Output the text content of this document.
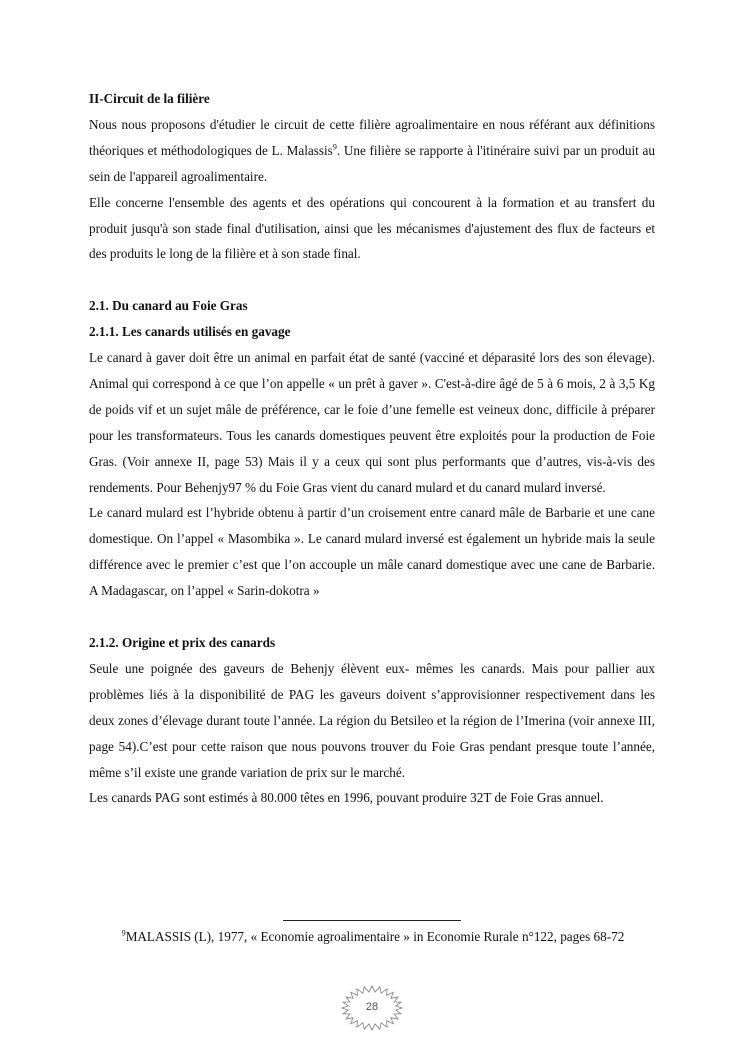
II-Circuit de la filière

Nous nous proposons d'étudier le circuit de cette filière agroalimentaire en nous référant aux définitions théoriques et méthodologiques de L. Malassis$^9$. Une filière se rapporte à l'itinéraire suivi par un produit au sein de l'appareil agroalimentaire.

Elle concerne l'ensemble des agents et des opérations qui concourent à la formation et au transfert du produit jusqu'à son stade final d'utilisation, ainsi que les mécanismes d'ajustement des flux de facteurs et des produits le long de la filière et à son stade final.

2.1. Du canard au Foie Gras
2.1.1. Les canards utilisés en gavage

Le canard à gaver doit être un animal en parfait état de santé (vacciné et déparasité lors des son élevage). Animal qui correspond à ce que l’on appelle « un prêt à gaver ». C'est-à-dire âgé de 5 à 6 mois, 2 à 3,5 Kg de poids vif et un sujet mâle de préférence, car le foie d’une femelle est veineux donc, difficile à préparer pour les transformateurs. Tous les canards domestiques peuvent être exploités pour la production de Foie Gras. (Voir annexe II, page 53) Mais il y a ceux qui sont plus performants que d’autres, vis-à-vis des rendements. Pour Behenjy97 % du Foie Gras vient du canard mulard et du canard mulard inversé.

Le canard mulard est l’hybride obtenu à partir d’un croisement entre canard mâle de Barbarie et une cane domestique. On l’appel « Masombika ». Le canard mulard inversé est également un hybride mais la seule différence avec le premier c’est que l’on accouple un mâle canard domestique avec une cane de Barbarie. A Madagascar, on l’appel « Sarin-dokotra »

2.1.2. Origine et prix des canards

Seule une poignée des gaveurs de Behenjy élèvent eux- mêmes les canards. Mais pour pallier aux problèmes liés à la disponibilité de PAG les gaveurs doivent s’approvisionner respectivement dans les deux zones d’élevage durant toute l’année. La région du Betsileo et la région de l’Imerina (voir annexe III, page 54).C’est pour cette raison que nous pouvons trouver du Foie Gras pendant presque toute l’année, même s’il existe une grande variation de prix sur le marché.

Les canards PAG sont estimés à 80.000 têtes en 1996, pouvant produire 32T de Foie Gras annuel.

$^9$MALASSIS (L), 1977, « Economie agroalimentaire » in Economie Rurale n°122, pages 68-72
28
